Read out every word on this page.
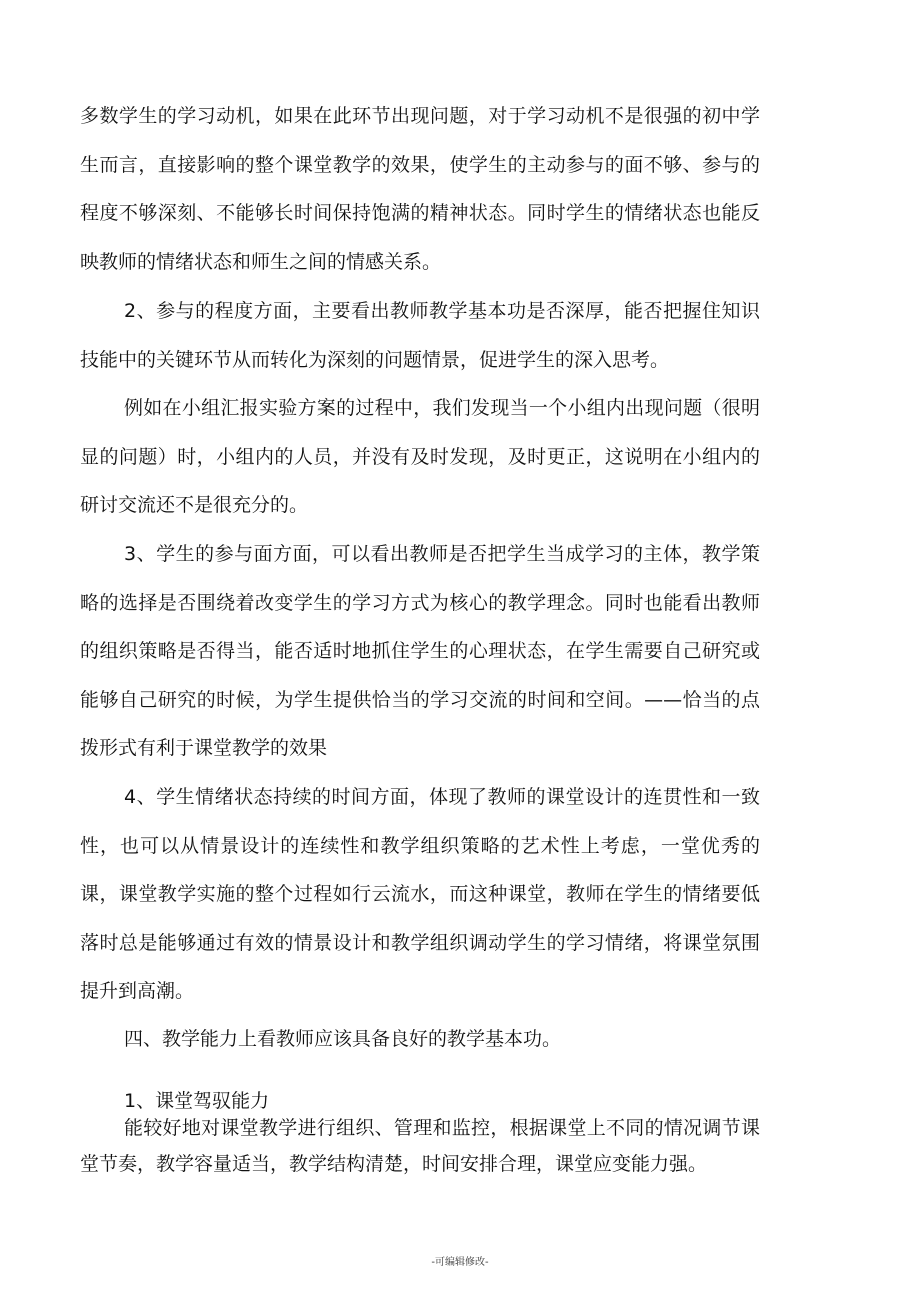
多数学生的学习动机，如果在此环节出现问题，对于学习动机不是很强的初中学生而言，直接影响的整个课堂教学的效果，使学生的主动参与的面不够、参与的程度不够深刻、不能够长时间保持饱满的精神状态。同时学生的情绪状态也能反映教师的情绪状态和师生之间的情感关系。

2、参与的程度方面，主要看出教师教学基本功是否深厚，能否把握住知识技能中的关键环节从而转化为深刻的问题情景，促进学生的深入思考。

例如在小组汇报实验方案的过程中，我们发现当一个小组内出现问题（很明显的问题）时，小组内的人员，并没有及时发现，及时更正，这说明在小组内的研讨交流还不是很充分的。

3、学生的参与面方面，可以看出教师是否把学生当成学习的主体，教学策略的选择是否围绕着改变学生的学习方式为核心的教学理念。同时也能看出教师的组织策略是否得当，能否适时地抓住学生的心理状态，在学生需要自己研究或能够自己研究的时候，为学生提供恰当的学习交流的时间和空间。——恰当的点拨形式有利于课堂教学的效果

4、学生情绪状态持续的时间方面，体现了教师的课堂设计的连贯性和一致性，也可以从情景设计的连续性和教学组织策略的艺术性上考虑，一堂优秀的课，课堂教学实施的整个过程如行云流水，而这种课堂，教师在学生的情绪要低落时总是能够通过有效的情景设计和教学组织调动学生的学习情绪，将课堂氛围提升到高潮。

四、教学能力上看教师应该具备良好的教学基本功。

1、课堂驾驭能力

能较好地对课堂教学进行组织、管理和监控，根据课堂上不同的情况调节课堂节奏，教学容量适当，教学结构清楚，时间安排合理，课堂应变能力强。

-可编辑修改-
